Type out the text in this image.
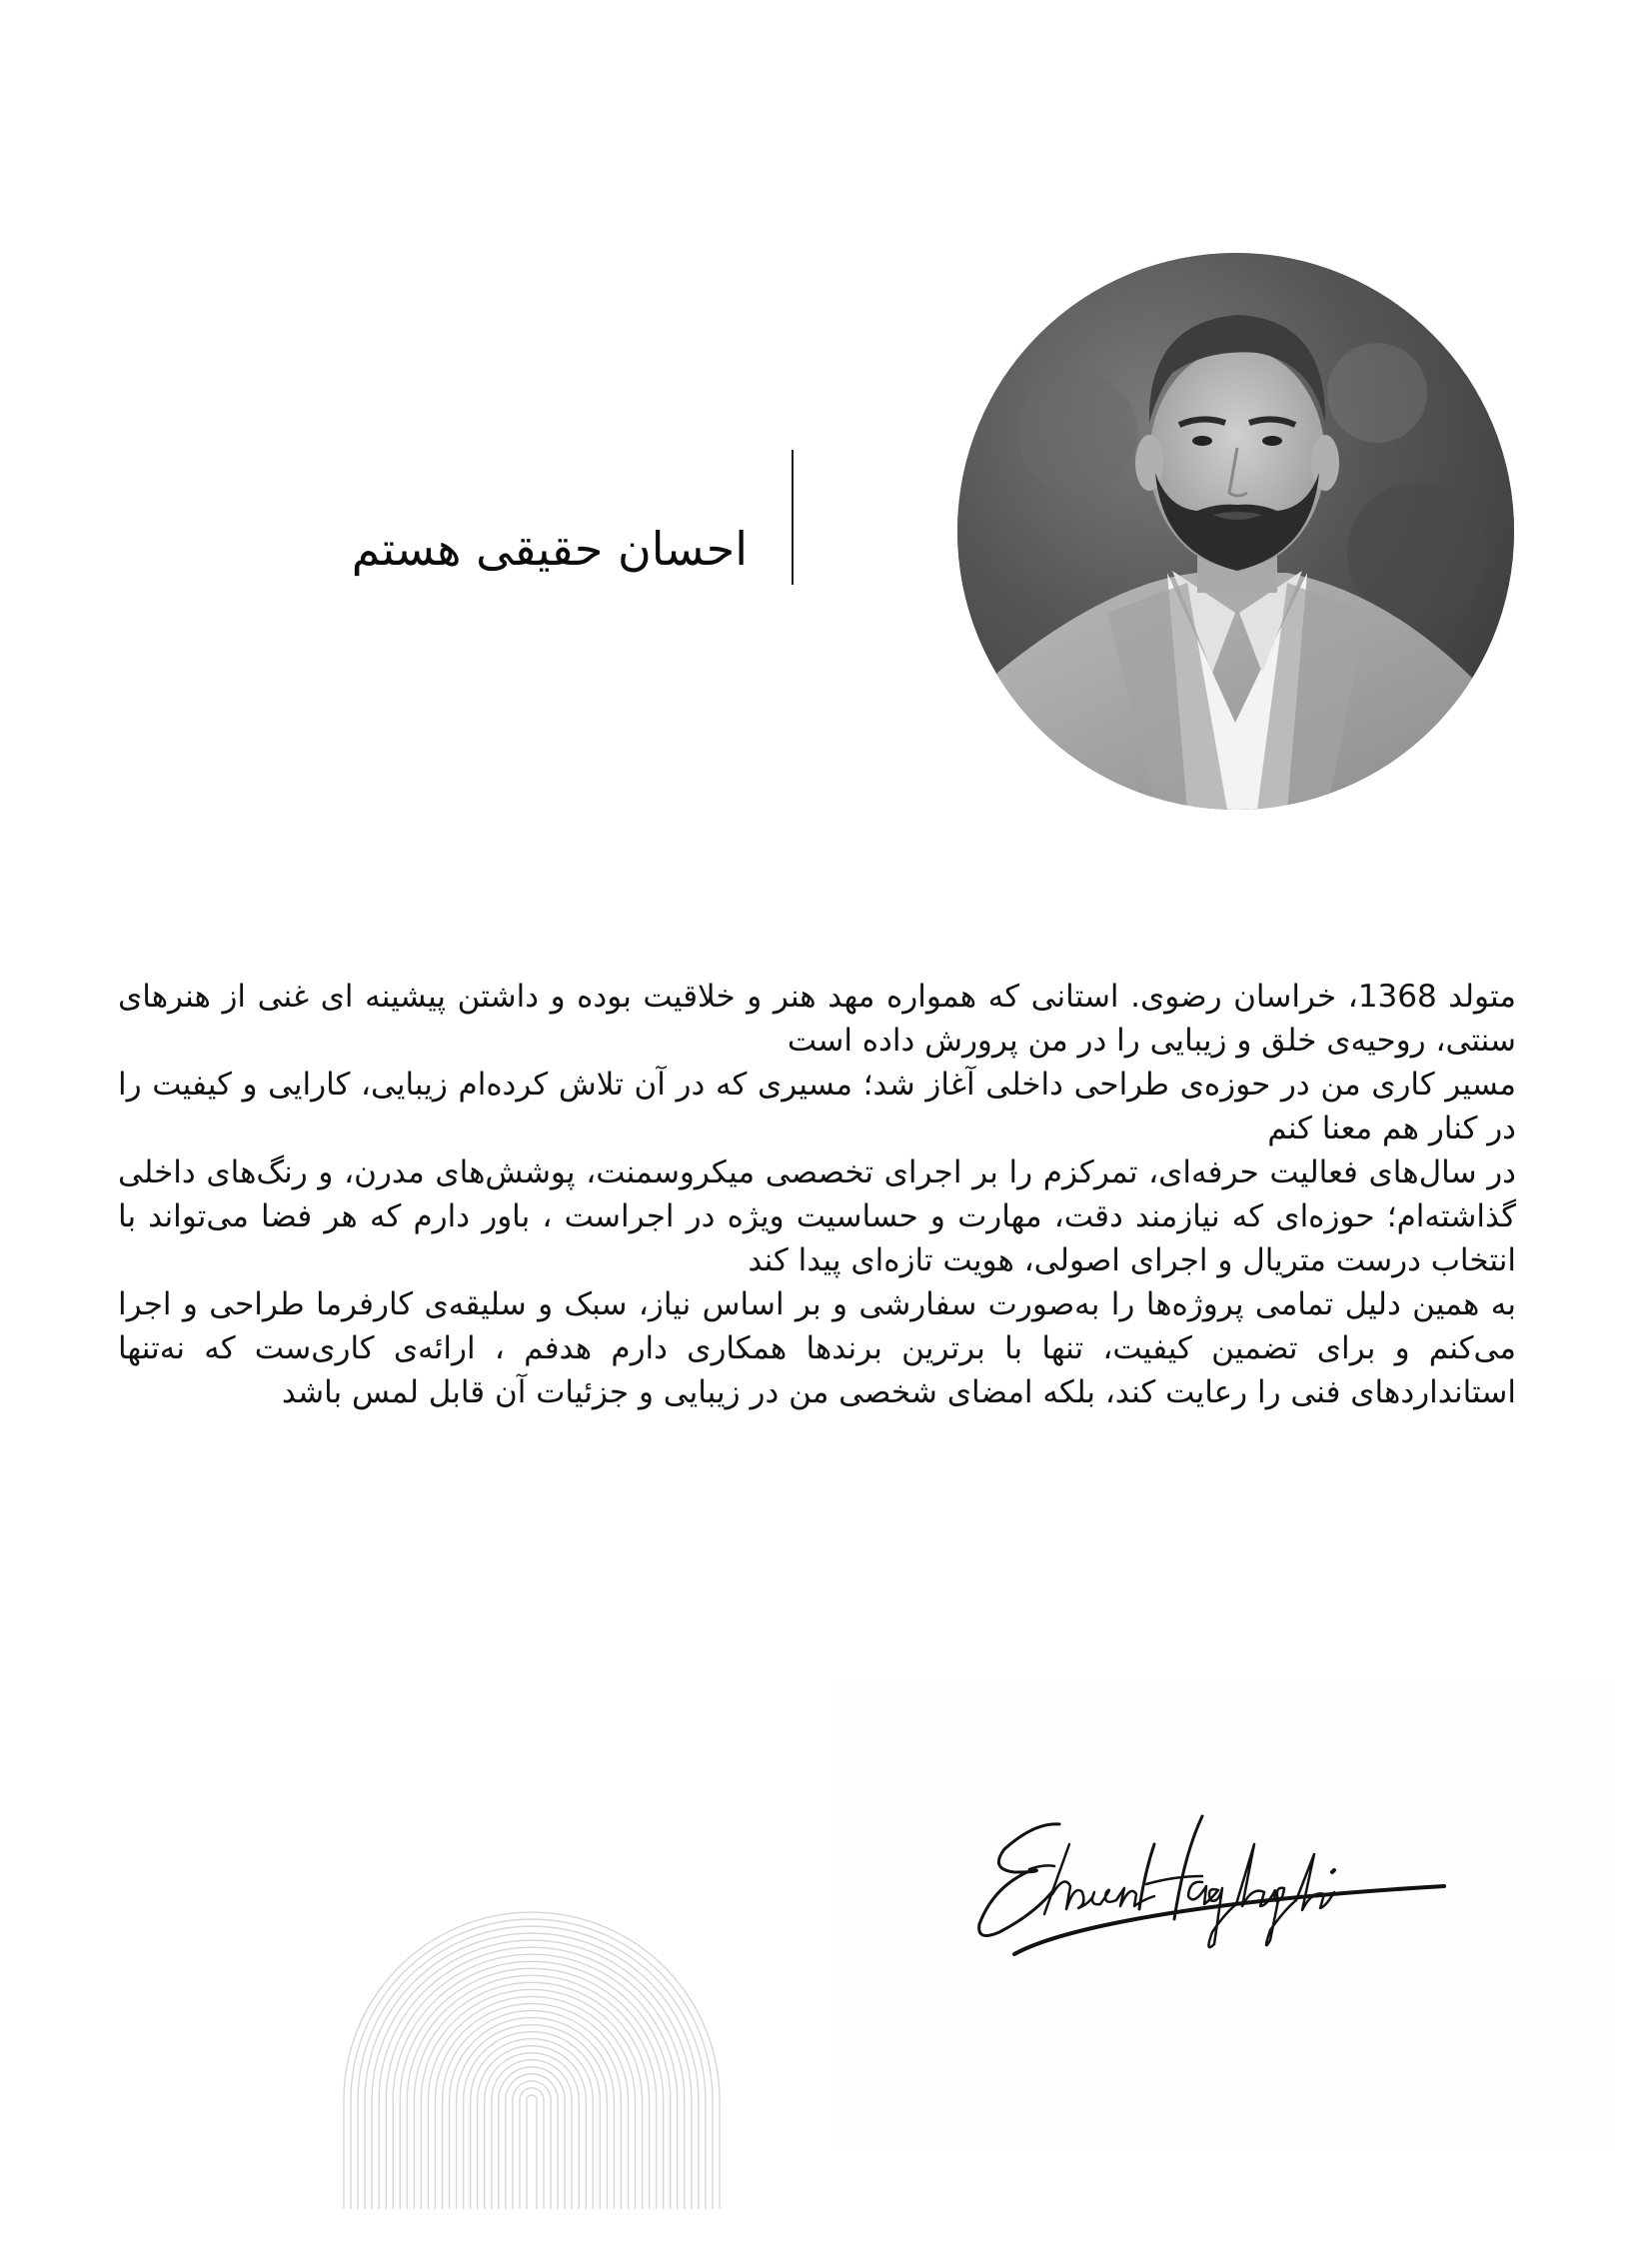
احسان حقیقی هستم

متولد 1368، خراسان رضوی. استانی که همواره مهد هنر و خلاقیت بوده و داشتن پیشینه ای غنی از هنرهای سنتی، روحیه‌ی خلق و زیبایی را در من پرورش داده است

مسیر کاری من در حوزه‌ی طراحی داخلی آغاز شد؛ مسیری که در آن تلاش کرده‌ام زیبایی، کارایی و کیفیت را در کنار هم معنا کنم

در سال‌های فعالیت حرفه‌ای، تمرکزم را بر اجرای تخصصی میکروسمنت، پوشش‌های مدرن، و رنگ‌های داخلی گذاشته‌ام؛ حوزه‌ای که نیازمند دقت، مهارت و حساسیت ویژه در اجراست ، باور دارم که هر فضا می‌تواند با انتخاب درست متریال و اجرای اصولی، هویت تازه‌ای پیدا کند

به همین دلیل تمامی پروژه‌ها را به‌صورت سفارشی و بر اساس نیاز، سبک و سلیقه‌ی کارفرما طراحی و اجرا می‌کنم و برای تضمین کیفیت، تنها با برترین برندها همکاری دارم هدفم ، ارائه‌ی کاری‌ست که نه‌تنها استانداردهای فنی را رعایت کند، بلکه امضای شخصی من در زیبایی و جزئیات آن قابل لمس باشد
